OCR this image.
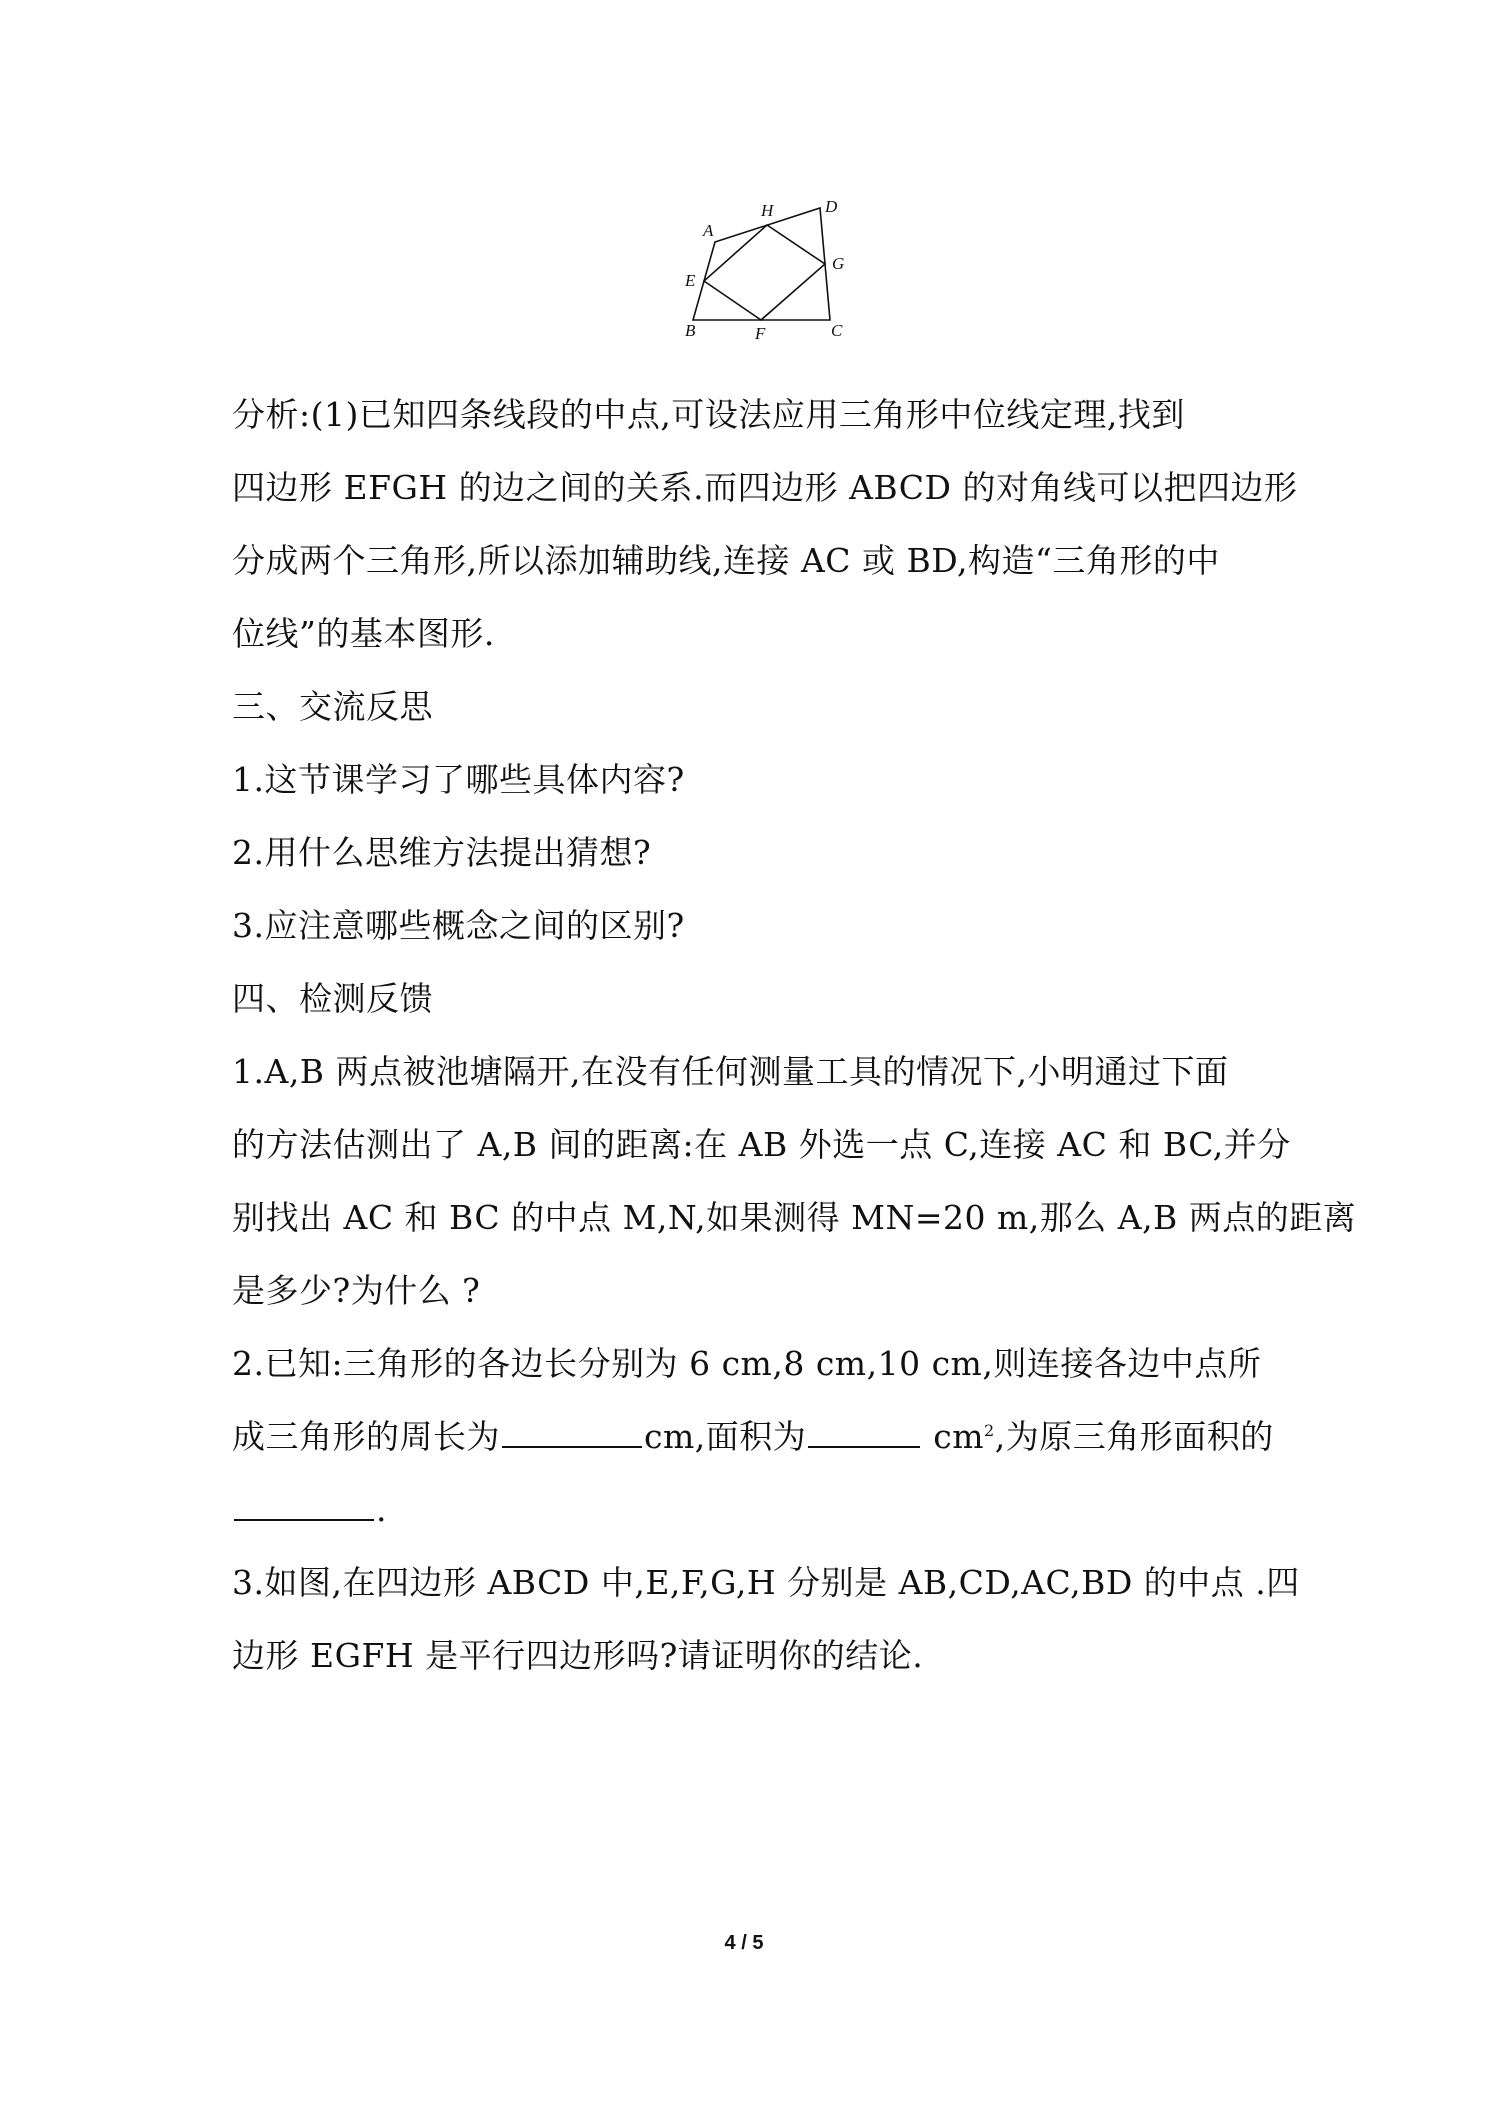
A
B	C
D
E
F
G
H
分析:(1)已知四条线段的中点,可设法应用三角形中位线定理,找到
四边形 EFGH 的边之间的关系.而四边形 ABCD 的对角线可以把四边形
分成两个三角形,所以添加辅助线,连接 AC 或 BD,构造“三角形的中
位线”的基本图形.
三、交流反思
1.这节课学习了哪些具体内容?
2.用什么思维方法提出猜想?
3.应注意哪些概念之间的区别?
四、检测反馈
1.A,B 两点被池塘隔开,在没有任何测量工具的情况下,小明通过下面
的方法估测出了 A,B 间的距离:在 AB 外选一点 C,连接 AC 和 BC,并分
别找出 AC 和 BC 的中点 M,N,如果测得 MN=20 m,那么 A,B 两点的距离
是多少?为什么 ?
2.已知:三角形的各边长分别为 6 cm,8 cm,10 cm,则连接各边中点所
成三角形的周长为	cm,面积为	$cm^2$,为原三角形面积的
.
3.如图,在四边形 ABCD 中,E,F,G,H 分别是 AB,CD,AC,BD 的中点 .四
边形 EGFH 是平行四边形吗?请证明你的结论.
4 / 5
